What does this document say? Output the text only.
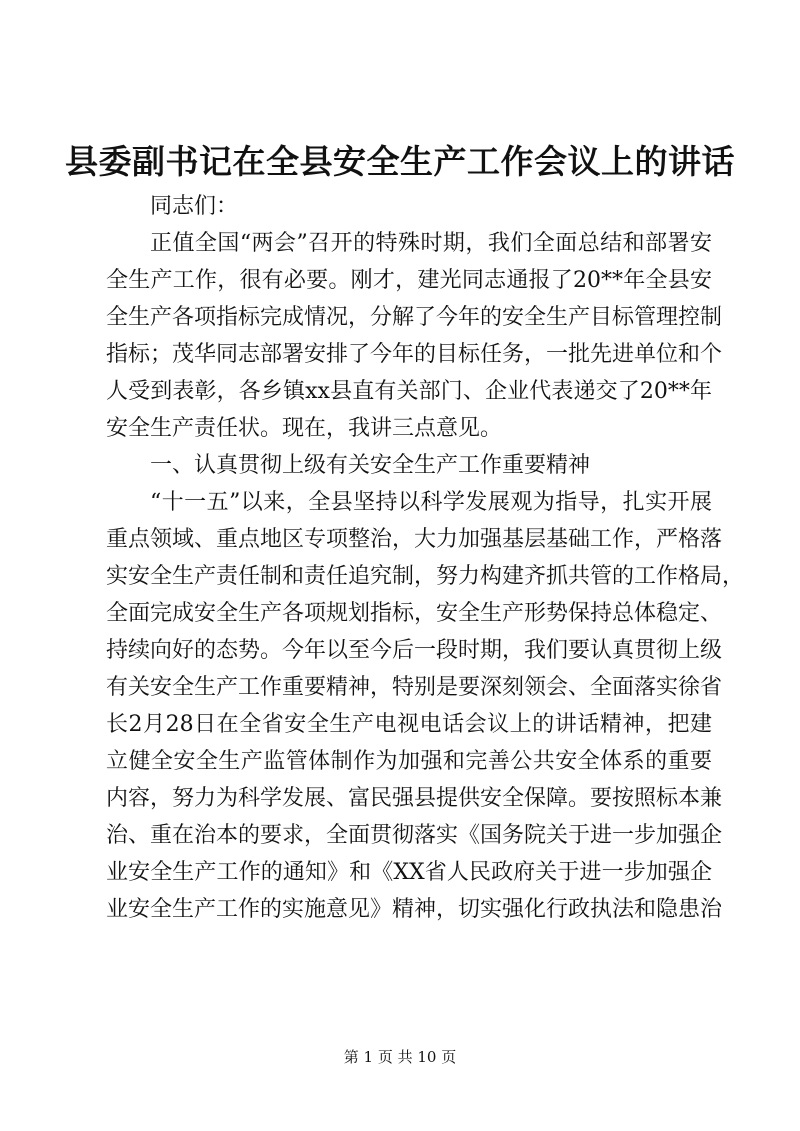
县委副书记在全县安全生产工作会议上的讲话
同志们：
正值全国“两会”召开的特殊时期，我们全面总结和部署安
全生产工作，很有必要。刚才，建光同志通报了20**年全县安
全生产各项指标完成情况，分解了今年的安全生产目标管理控制
指标；茂华同志部署安排了今年的目标任务，一批先进单位和个
人受到表彰，各乡镇xx县直有关部门、企业代表递交了20**年
安全生产责任状。现在，我讲三点意见。
一、认真贯彻上级有关安全生产工作重要精神
“十一五”以来，全县坚持以科学发展观为指导，扎实开展
重点领域、重点地区专项整治，大力加强基层基础工作，严格落
实安全生产责任制和责任追究制，努力构建齐抓共管的工作格局，
全面完成安全生产各项规划指标，安全生产形势保持总体稳定、
持续向好的态势。今年以至今后一段时期，我们要认真贯彻上级
有关安全生产工作重要精神，特别是要深刻领会、全面落实徐省
长2月28日在全省安全生产电视电话会议上的讲话精神，把建
立健全安全生产监管体制作为加强和完善公共安全体系的重要
内容，努力为科学发展、富民强县提供安全保障。要按照标本兼
治、重在治本的要求，全面贯彻落实《国务院关于进一步加强企
业安全生产工作的通知》和《XX省人民政府关于进一步加强企
业安全生产工作的实施意见》精神，切实强化行政执法和隐患治
第 1 页 共 10 页
